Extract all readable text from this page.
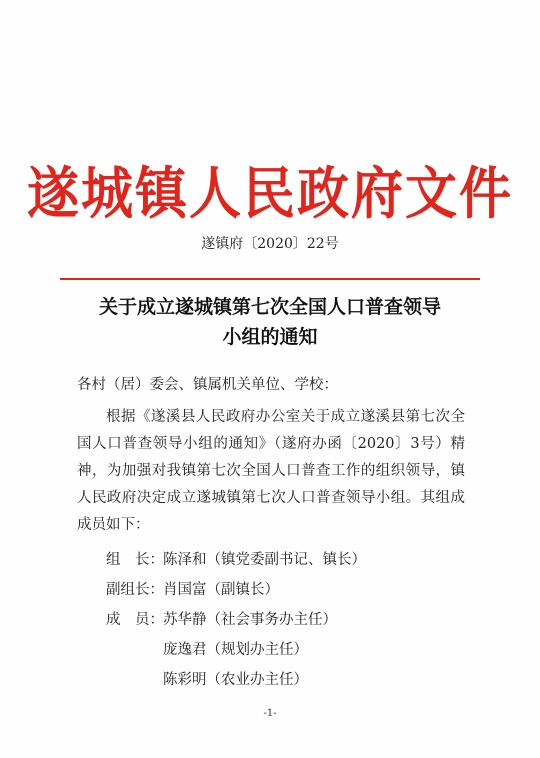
遂城镇人民政府文件
遂镇府〔2020〕22号
关于成立遂城镇第七次全国人口普查领导
小组的通知
各村（居）委会、镇属机关单位、学校：
根据《遂溪县人民政府办公室关于成立遂溪县第七次全国人口普查领导小组的通知》（遂府办函〔2020〕3号）精神，为加强对我镇第七次全国人口普查工作的组织领导，镇人民政府决定成立遂城镇第七次人口普查领导小组。其组成成员如下：
组　长：陈泽和（镇党委副书记、镇长）
副组长：肖国富（副镇长）
成　员：苏华静（社会事务办主任）
庞逸君（规划办主任）
陈彩明（农业办主任）
-1-
